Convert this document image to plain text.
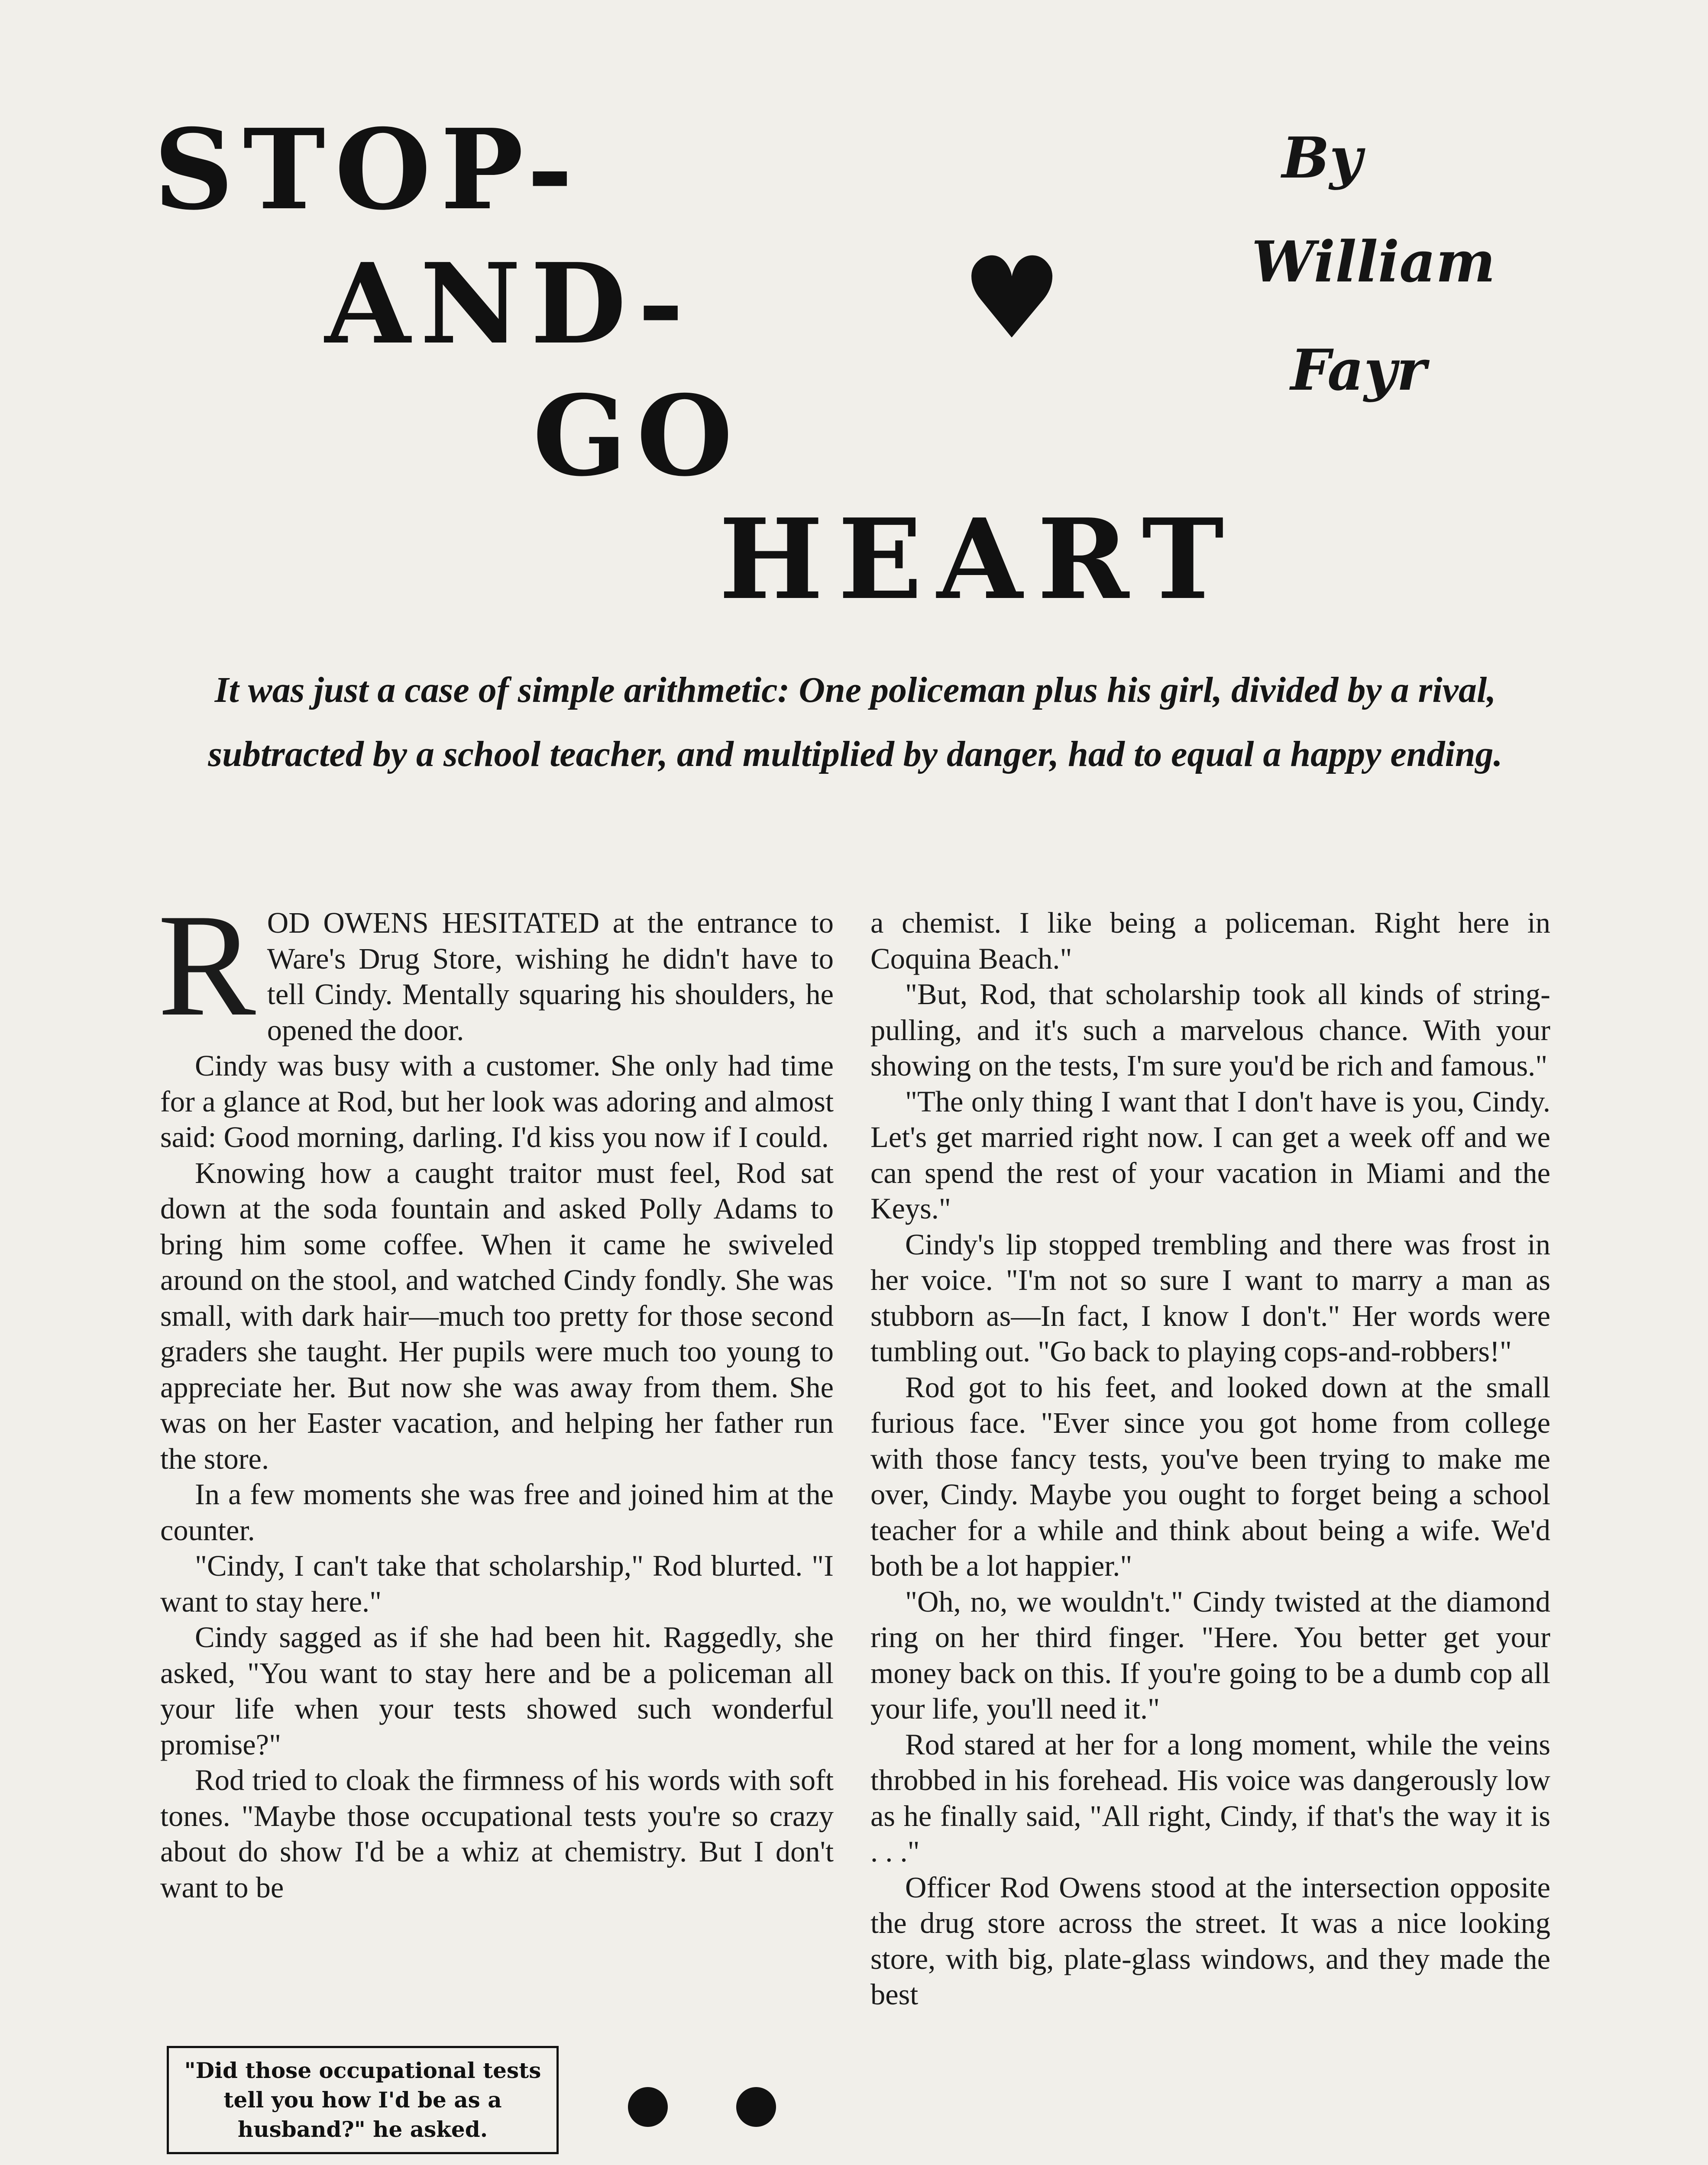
STOP-
AND-
GO
HEART
♥

By

William

Fayr

It was just a case of simple arithmetic: One policeman plus his girl, divided by a rival, subtracted by a school teacher, and multiplied by danger, had to equal a happy ending.

ROD OWENS HESITATED at the entrance to Ware's Drug Store, wishing he didn't have to tell Cindy. Mentally squaring his shoulders, he opened the door.

Cindy was busy with a customer. She only had time for a glance at Rod, but her look was adoring and almost said: Good morning, darling. I'd kiss you now if I could.

Knowing how a caught traitor must feel, Rod sat down at the soda fountain and asked Polly Adams to bring him some coffee. When it came he swiveled around on the stool, and watched Cindy fondly. She was small, with dark hair—much too pretty for those second graders she taught. Her pupils were much too young to appreciate her. But now she was away from them. She was on her Easter vacation, and helping her father run the store.

In a few moments she was free and joined him at the counter.

"Cindy, I can't take that scholarship," Rod blurted. "I want to stay here."

Cindy sagged as if she had been hit. Raggedly, she asked, "You want to stay here and be a policeman all your life when your tests showed such wonderful promise?"

Rod tried to cloak the firmness of his words with soft tones. "Maybe those occupational tests you're so crazy about do show I'd be a whiz at chemistry. But I don't want to be

a chemist. I like being a policeman. Right here in Coquina Beach."

"But, Rod, that scholarship took all kinds of string-pulling, and it's such a marvelous chance. With your showing on the tests, I'm sure you'd be rich and famous."

"The only thing I want that I don't have is you, Cindy. Let's get married right now. I can get a week off and we can spend the rest of your vacation in Miami and the Keys."

Cindy's lip stopped trembling and there was frost in her voice. "I'm not so sure I want to marry a man as stubborn as—In fact, I know I don't." Her words were tumbling out. "Go back to playing cops-and-robbers!"

Rod got to his feet, and looked down at the small furious face. "Ever since you got home from college with those fancy tests, you've been trying to make me over, Cindy. Maybe you ought to forget being a school teacher for a while and think about being a wife. We'd both be a lot happier."

"Oh, no, we wouldn't." Cindy twisted at the diamond ring on her third finger. "Here. You better get your money back on this. If you're going to be a dumb cop all your life, you'll need it."

Rod stared at her for a long moment, while the veins throbbed in his forehead. His voice was dangerously low as he finally said, "All right, Cindy, if that's the way it is . . ."

Officer Rod Owens stood at the intersection opposite the drug store across the street. It was a nice looking store, with big, plate-glass windows, and they made the best

"Did those occupational tests tell you how I'd be as a husband?" he asked.
